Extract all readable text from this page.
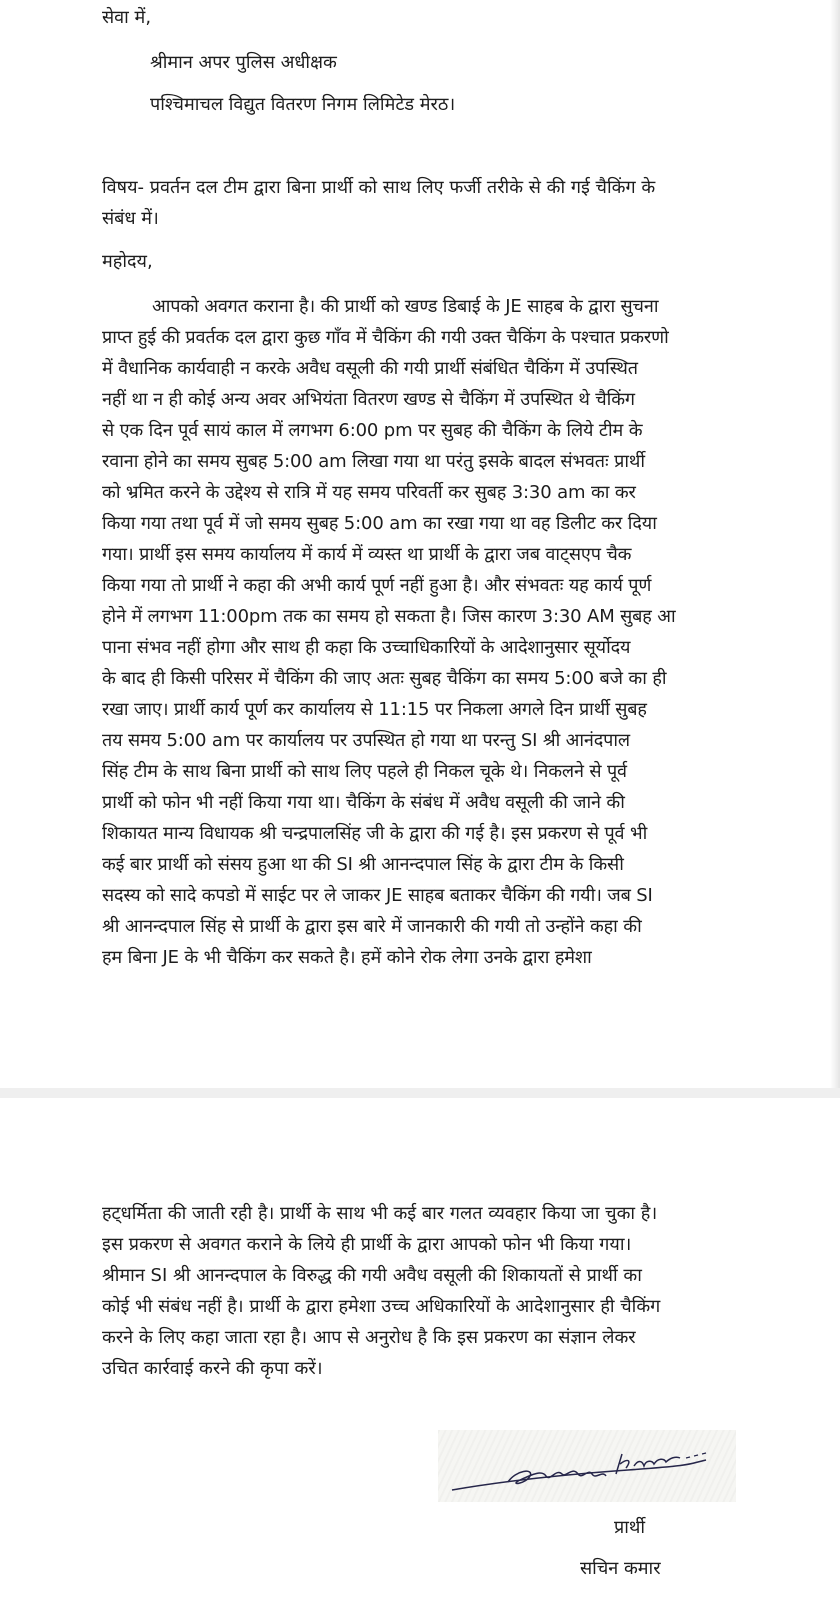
सेवा में,
श्रीमान अपर पुलिस अधीक्षक
पश्चिमाचल विद्युत वितरण निगम लिमिटेड मेरठ।
विषय- प्रवर्तन दल टीम द्वारा बिना प्रार्थी को साथ लिए फर्जी तरीके से की गई चैकिंग के
संबंध में।
महोदय,
आपको अवगत कराना है। की प्रार्थी को खण्ड डिबाई के JE साहब के द्वारा सुचना
प्राप्त हुई की प्रवर्तक दल द्वारा कुछ गाँव में चैकिंग की गयी उक्त चैकिंग के पश्चात प्रकरणो
में वैधानिक कार्यवाही न करके अवैध वसूली की गयी प्रार्थी संबंधित चैकिंग में उपस्थित
नहीं था न ही कोई अन्य अवर अभियंता वितरण खण्ड से चैकिंग में उपस्थित थे चैकिंग
से एक दिन पूर्व सायं काल में लगभग 6:00 pm पर सुबह की चैकिंग के लिये टीम के
रवाना होने का समय सुबह 5:00 am लिखा गया था परंतु इसके बादल संभवतः प्रार्थी
को भ्रमित करने के उद्देश्य से रात्रि में यह समय परिवर्ती कर सुबह 3:30 am का कर
किया गया तथा पूर्व में जो समय सुबह 5:00 am का रखा गया था वह डिलीट कर दिया
गया। प्रार्थी इस समय कार्यालय में कार्य में व्यस्त था प्रार्थी के द्वारा जब वाट्सएप चैक
किया गया तो प्रार्थी ने कहा की अभी कार्य पूर्ण नहीं हुआ है। और संभवतः यह कार्य पूर्ण
होने में लगभग 11:00pm तक का समय हो सकता है। जिस कारण 3:30 AM सुबह आ
पाना संभव नहीं होगा और साथ ही कहा कि उच्चाधिकारियों के आदेशानुसार सूर्योदय
के बाद ही किसी परिसर में चैकिंग की जाए अतः सुबह चैकिंग का समय 5:00 बजे का ही
रखा जाए। प्रार्थी कार्य पूर्ण कर कार्यालय से 11:15 पर निकला अगले दिन प्रार्थी सुबह
तय समय 5:00 am पर कार्यालय पर उपस्थित हो गया था परन्तु SI श्री आनंदपाल
सिंह टीम के साथ बिना प्रार्थी को साथ लिए पहले ही निकल चूके थे। निकलने से पूर्व
प्रार्थी को फोन भी नहीं किया गया था। चैकिंग के संबंध में अवैध वसूली की जाने की
शिकायत मान्य विधायक श्री चन्द्रपालसिंह जी के द्वारा की गई है। इस प्रकरण से पूर्व भी
कई बार प्रार्थी को संसय हुआ था की SI श्री आनन्दपाल सिंह के द्वारा टीम के किसी
सदस्य को सादे कपडो में साईट पर ले जाकर JE साहब बताकर चैकिंग की गयी। जब SI
श्री आनन्दपाल सिंह से प्रार्थी के द्वारा इस बारे में जानकारी की गयी तो उन्होंने कहा की
हम बिना JE के भी चैकिंग कर सकते है। हमें कोने रोक लेगा उनके द्वारा हमेशा
हट्धर्मिता की जाती रही है। प्रार्थी के साथ भी कई बार गलत व्यवहार किया जा चुका है।
इस प्रकरण से अवगत कराने के लिये ही प्रार्थी के द्वारा आपको फोन भी किया गया।
श्रीमान SI श्री आनन्दपाल के विरुद्ध की गयी अवैध वसूली की शिकायतों से प्रार्थी का
कोई भी संबंध नहीं है। प्रार्थी के द्वारा हमेशा उच्च अधिकारियों के आदेशानुसार ही चैकिंग
करने के लिए कहा जाता रहा है। आप से अनुरोध है कि इस प्रकरण का संज्ञान लेकर
उचित कार्रवाई करने की कृपा करें।
प्रार्थी
सचिन कमार
